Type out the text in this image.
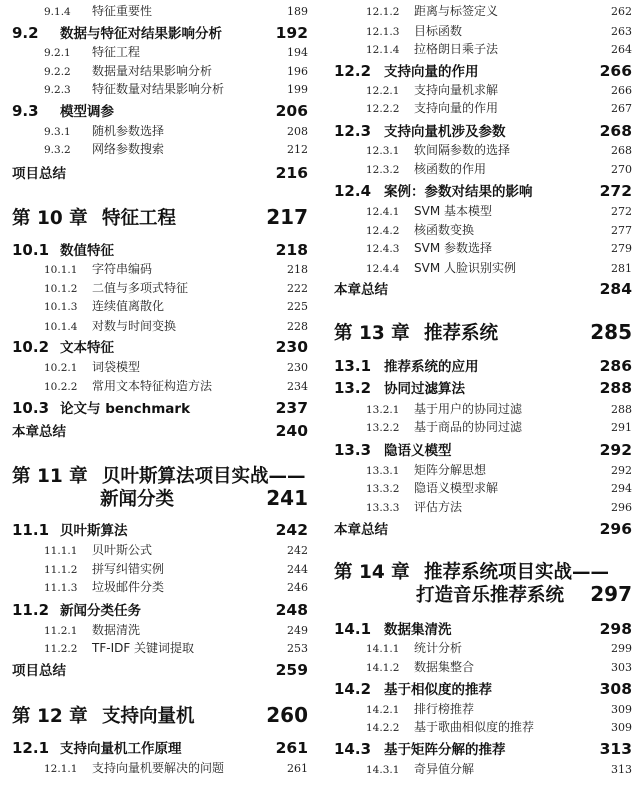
9.1.4	特征重要性	189
9.2	数据与特征对结果影响分析	192
9.2.1	特征工程	194
9.2.2	数据量对结果影响分析	196
9.2.3	特征数量对结果影响分析	199
9.3	模型调参	206
9.3.1	随机参数选择	208
9.3.2	网络参数搜索	212
项目总结	216
第 10 章 特征工程	217
10.1 数值特征	218
10.1.1	字符串编码	218
10.1.2	二值与多项式特征	222
10.1.3	连续值离散化	225
10.1.4	对数与时间变换	228
10.2 文本特征	230
10.2.1	词袋模型	230
10.2.2	常用文本特征构造方法	234
10.3 论文与 benchmark	237
本章总结	240
第 11 章 贝叶斯算法项目实战——
新闻分类	241
11.1 贝叶斯算法	242
11.1.1	贝叶斯公式	242
11.1.2	拼写纠错实例	244
11.1.3	垃圾邮件分类	246
11.2 新闻分类任务	248
11.2.1	数据清洗	249
11.2.2	TF-IDF 关键词提取	253
项目总结	259
第 12 章 支持向量机	260
12.1 支持向量机工作原理	261
12.1.1	支持向量机要解决的问题	261
12.1.2	距离与标签定义	262
12.1.3	目标函数	263
12.1.4	拉格朗日乘子法	264
12.2 支持向量的作用	266
12.2.1	支持向量机求解	266
12.2.2	支持向量的作用	267
12.3 支持向量机涉及参数	268
12.3.1	软间隔参数的选择	268
12.3.2	核函数的作用	270
12.4 案例：参数对结果的影响	272
12.4.1	SVM 基本模型	272
12.4.2	核函数变换	277
12.4.3	SVM 参数选择	279
12.4.4	SVM 人脸识别实例	281
本章总结	284
第 13 章 推荐系统	285
13.1 推荐系统的应用	286
13.2 协同过滤算法	288
13.2.1	基于用户的协同过滤	288
13.2.2	基于商品的协同过滤	291
13.3 隐语义模型	292
13.3.1	矩阵分解思想	292
13.3.2	隐语义模型求解	294
13.3.3	评估方法	296
本章总结	296
第 14 章 推荐系统项目实战——
打造音乐推荐系统 297
14.1 数据集清洗	298
14.1.1	统计分析	299
14.1.2	数据集整合	303
14.2 基于相似度的推荐	308
14.2.1	排行榜推荐	309
14.2.2	基于歌曲相似度的推荐	309
14.3 基于矩阵分解的推荐	313
14.3.1	奇异值分解	313
